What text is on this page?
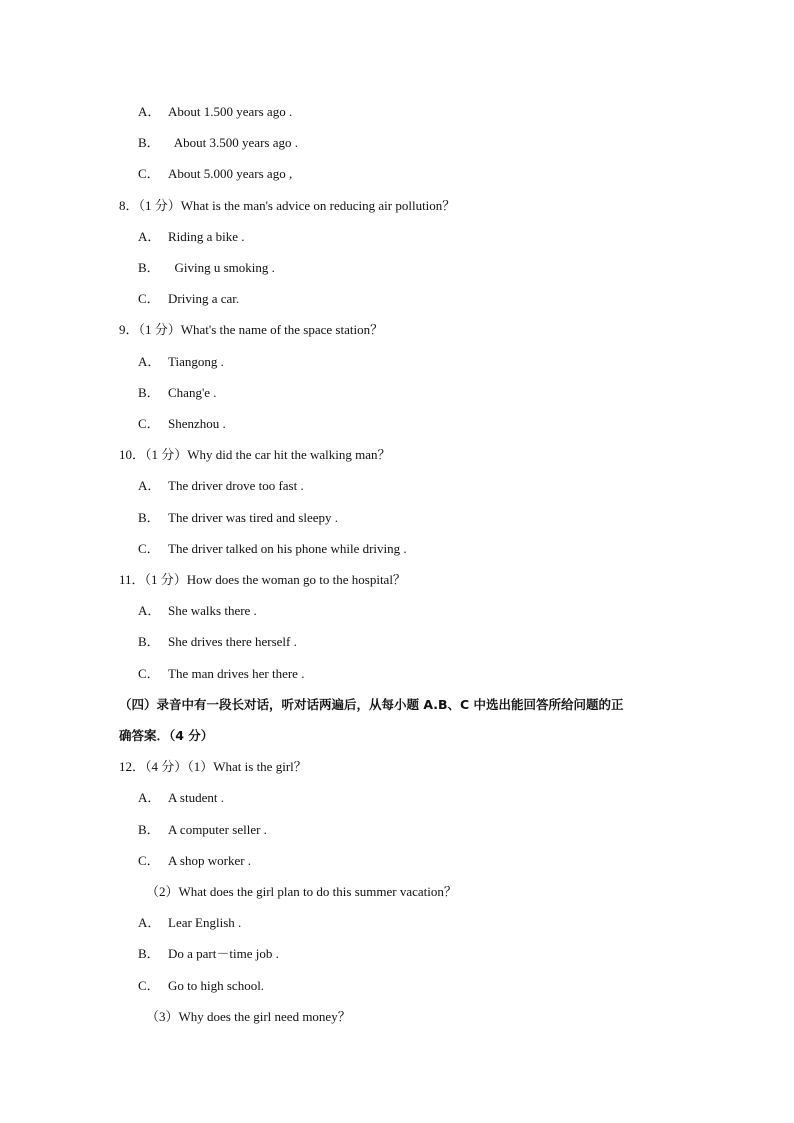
A． About 1.500 years ago .
B．  About 3.500 years ago .
C． About 5.000 years ago ,
8．（1 分）What is the man's advice on reducing air pollution？
A． Riding a bike .
B．  Giving u smoking .
C． Driving a car.
9．（1 分）What's the name of the space station？
A． Tiangong .
B． Chang'e .
C． Shenzhou .
10．（1 分）Why did the car hit the walking man？
A． The driver drove too fast .
B． The driver was tired and sleepy .
C． The driver talked on his phone while driving .
11．（1 分）How does the woman go to the hospital？
A． She walks there .
B． She drives there herself .
C． The man drives her there .
（四）录音中有一段长对话，听对话两遍后，从每小题 A.B、C 中选出能回答所给问题的正
确答案．（4 分）
12．（4 分）（1）What is the girl？
A． A student .
B． A computer seller .
C． A shop worker .
（2）What does the girl plan to do this summer vacation？
A． Lear English .
B． Do a part－time job .
C． Go to high school.
（3）Why does the girl need money？
